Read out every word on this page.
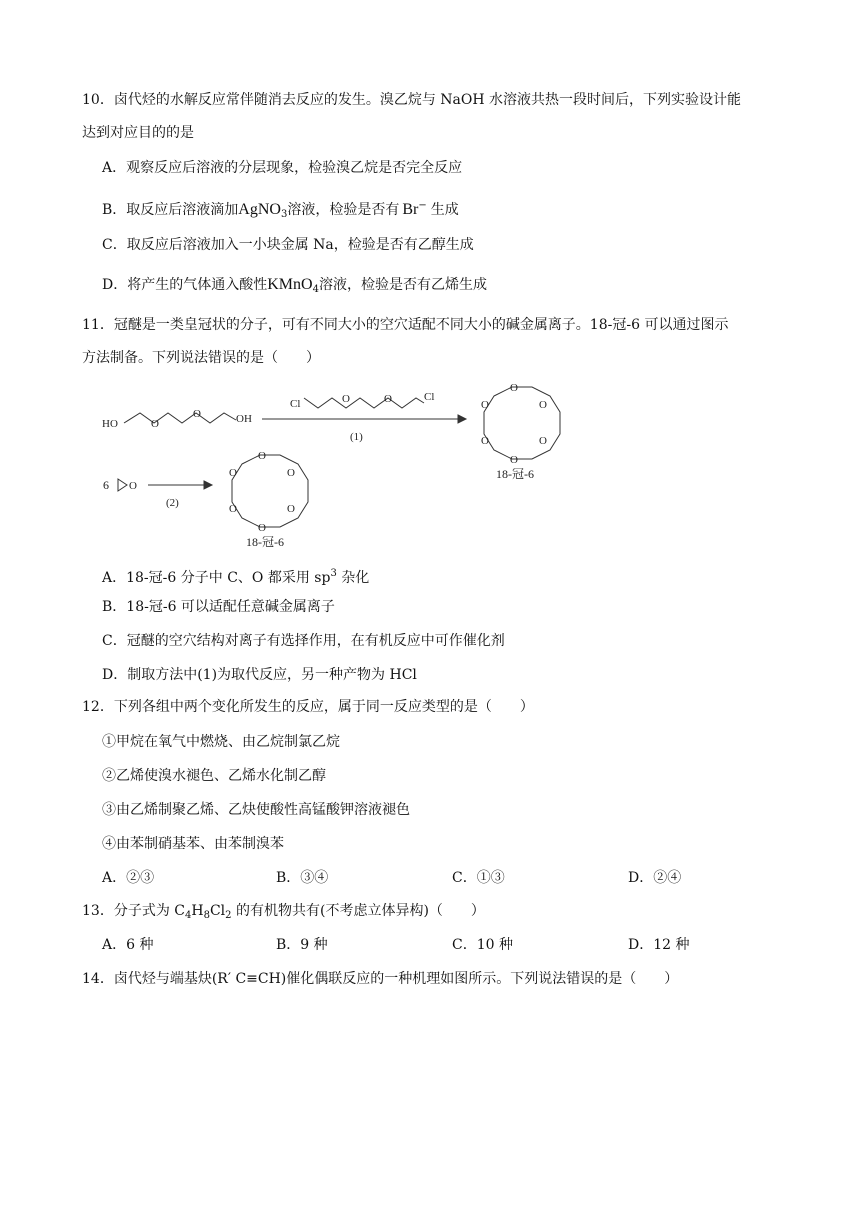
10．卤代烃的水解反应常伴随消去反应的发生。溴乙烷与 NaOH 水溶液共热一段时间后，下列实验设计能
达到对应目的的是
A．观察反应后溶液的分层现象，检验溴乙烷是否完全反应
B．取反应后溶液滴加AgNO$_3$溶液，检验是否有 Br− 生成
C．取反应后溶液加入一小块金属 Na，检验是否有乙醇生成
D．将产生的气体通入酸性KMnO$_4$溶液，检验是否有乙烯生成
11．冠醚是一类皇冠状的分子，可有不同大小的空穴适配不同大小的碱金属离子。18-冠-6 可以通过图示
方法制备。下列说法错误的是（　　）
HO	OH
O
O
Cl
Cl
O	O
(1)
(2)
6 O
O
O
O
O
O
O
18-冠-6
O
O
O
O
O
O
18-冠-6
A．18-冠-6 分子中 C、O 都采用 $sp^3$ 杂化
B．18-冠-6 可以适配任意碱金属离子
C．冠醚的空穴结构对离子有选择作用，在有机反应中可作催化剂
D．制取方法中(1)为取代反应，另一种产物为 HCl
12．下列各组中两个变化所发生的反应，属于同一反应类型的是（　　）
①甲烷在氧气中燃烧、由乙烷制氯乙烷
②乙烯使溴水褪色、乙烯水化制乙醇
③由乙烯制聚乙烯、乙炔使酸性高锰酸钾溶液褪色
④由苯制硝基苯、由苯制溴苯
A．②③	B．③④	C．①③	D．②④
13．分子式为 $C_4H_8Cl_2$ 的有机物共有(不考虑立体异构)（　　）
A．6 种	B．9 种	C．10 种	D．12 种
14．卤代烃与端基炔(R′ C≡CH)催化偶联反应的一种机理如图所示。下列说法错误的是（　　）
